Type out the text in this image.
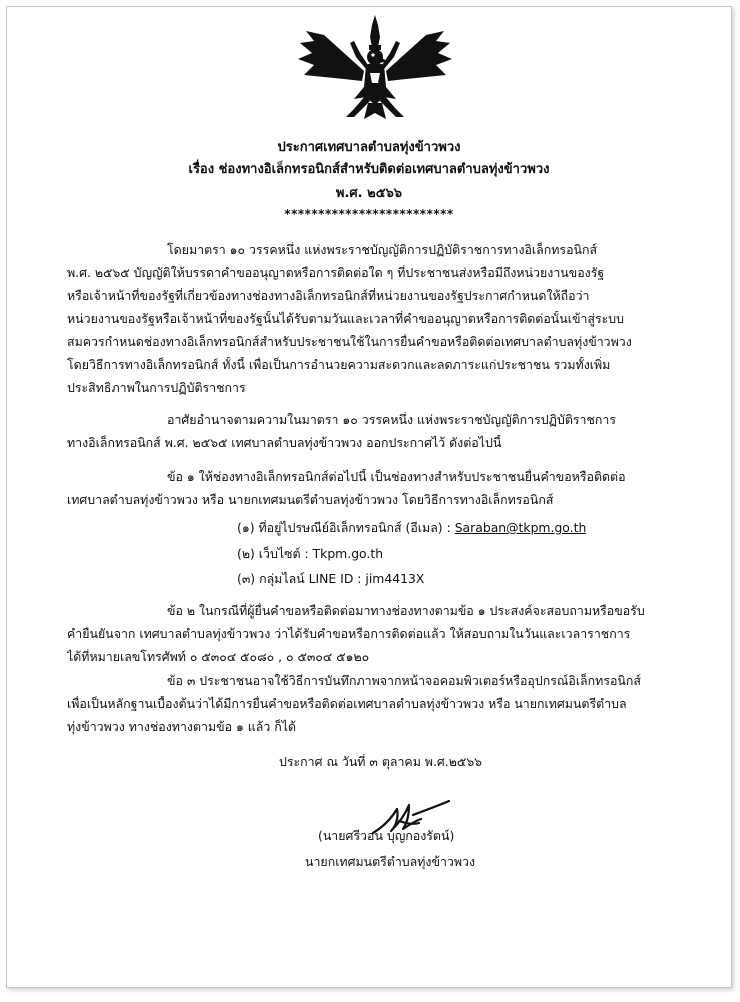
ประกาศเทศบาลตำบลทุ่งข้าวพวง
เรื่อง ช่องทางอิเล็กทรอนิกส์สำหรับติดต่อเทศบาลตำบลทุ่งข้าวพวง
พ.ศ. ๒๕๖๖
*************************
โดยมาตรา ๑๐ วรรคหนึ่ง แห่งพระราชบัญญัติการปฏิบัติราชการทางอิเล็กทรอนิกส์
พ.ศ. ๒๕๖๕ บัญญัติให้บรรดาคำขออนุญาตหรือการติดต่อใด ๆ ที่ประชาชนส่งหรือมีถึงหน่วยงานของรัฐ
หรือเจ้าหน้าที่ของรัฐที่เกี่ยวข้องทางช่องทางอิเล็กทรอนิกส์ที่หน่วยงานของรัฐประกาศกำหนดให้ถือว่า
หน่วยงานของรัฐหรือเจ้าหน้าที่ของรัฐนั้นได้รับตามวันและเวลาที่คำขออนุญาตหรือการติดต่อนั้นเข้าสู่ระบบ
สมควรกำหนดช่องทางอิเล็กทรอนิกส์สำหรับประชาชนใช้ในการยื่นคำขอหรือติดต่อเทศบาลตำบลทุ่งข้าวพวง
โดยวิธีการทางอิเล็กทรอนิกส์ ทั้งนี้ เพื่อเป็นการอำนวยความสะดวกและลดภาระแก่ประชาชน รวมทั้งเพิ่ม
ประสิทธิภาพในการปฏิบัติราชการ
อาศัยอำนาจตามความในมาตรา ๑๐ วรรคหนึ่ง แห่งพระราชบัญญัติการปฏิบัติราชการ
ทางอิเล็กทรอนิกส์ พ.ศ. ๒๕๖๕ เทศบาลตำบลทุ่งข้าวพวง ออกประกาศไว้ ดังต่อไปนี้
ข้อ ๑ ให้ช่องทางอิเล็กทรอนิกส์ต่อไปนี้ เป็นช่องทางสำหรับประชาชนยื่นคำขอหรือติดต่อ
เทศบาลตำบลทุ่งข้าวพวง หรือ นายกเทศมนตรีตำบลทุ่งข้าวพวง โดยวิธีการทางอิเล็กทรอนิกส์
(๑) ที่อยู่ไปรษณีย์อิเล็กทรอนิกส์ (อีเมล) : Saraban@tkpm.go.th
(๒) เว็บไซต์ : Tkpm.go.th
(๓) กลุ่มไลน์ LINE ID : jim4413X
ข้อ ๒ ในกรณีที่ผู้ยื่นคำขอหรือติดต่อมาทางช่องทางตามข้อ ๑ ประสงค์จะสอบถามหรือขอรับ
คำยืนยันจาก เทศบาลตำบลทุ่งข้าวพวง ว่าได้รับคำขอหรือการติดต่อแล้ว ให้สอบถามในวันและเวลาราชการ
ได้ที่หมายเลขโทรศัพท์ ๐ ๕๓๐๔ ๕๐๘๐ , ๐ ๕๓๐๔ ๕๑๒๐
ข้อ ๓ ประชาชนอาจใช้วิธีการบันทึกภาพจากหน้าจอคอมพิวเตอร์หรืออุปกรณ์อิเล็กทรอนิกส์
เพื่อเป็นหลักฐานเบื้องต้นว่าได้มีการยื่นคำขอหรือติดต่อเทศบาลตำบลทุ่งข้าวพวง หรือ นายกเทศมนตรีตำบล
ทุ่งข้าวพวง ทางช่องทางตามข้อ ๑ แล้ว ก็ได้
ประกาศ ณ วันที่ ๓ ตุลาคม พ.ศ.๒๕๖๖
(นายศรีวอน บุญกองรัตน์)
นายกเทศมนตรีตำบลทุ่งข้าวพวง
